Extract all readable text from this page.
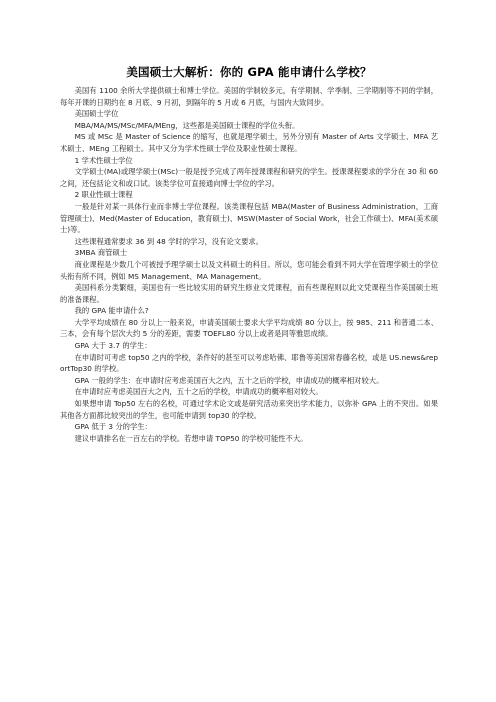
美国硕士大解析：你的 GPA 能申请什么学校？

美国有 1100 余所大学提供硕士和博士学位。美国的学制较多元，有学期制、学季制、三学期制等不同的学制，每年开课的日期约在 8 月底、9 月初，到隔年的 5 月或 6 月底，与国内大致同步。

美国硕士学位

MBA/MA/MS/MSc/MFA/MEng，这些都是美国硕士课程的学位头衔。

MS 或 MSc 是 Master of Science 的缩写，也就是理学硕士，另外分别有 Master of Arts 文学硕士、MFA 艺术硕士、MEng 工程硕士。其中又分为学术性硕士学位及职业性硕士课程。

1 学术性硕士学位

文学硕士(MA)或理学硕士(MSc)一般是授予完成了两年授课课程和研究的学生。授课课程要求的学分在 30 和 60 之间，还包括论文和或口试。该类学位可直接通向博士学位的学习。

2 职业性硕士课程

一般是针对某一具体行业而非博士学位课程。该类课程包括 MBA(Master of Business Administration，工商管理硕士)、Med(Master of Education，教育硕士)、MSW(Master of Social Work，社会工作硕士)、MFA(美术硕士)等。

这些课程通常要求 36 到 48 学时的学习，没有论文要求。

3MBA 商管硕士

商业课程是少数几个可被授予理学硕士以及文科硕士的科目。所以，您可能会看到不同大学在管理学硕士的学位头衔有所不同，例如 MS Management、MA Management。

美国科系分类繁细，美国也有一些比较实用的研究生修业文凭课程，而有些课程则以此文凭课程当作美国硕士班的准备课程。

我的 GPA 能申请什么?

大学平均成绩在 80 分以上一般来说，申请美国硕士要求大学平均成绩 80 分以上，按 985、211 和普通二本、三本，会有每个层次大约 5 分的差距，需要 TOEFL80 分以上或者是同等雅思成绩。

GPA 大于 3.7 的学生：

在申请时可考虑 top50 之内的学校，条件好的甚至可以考虑哈佛、耶鲁等美国常春藤名校，或是 US.news&reportTop30 的学校。

GPA 一般的学生：在申请时应考虑美国百大之内，五十之后的学校，申请成功的概率相对较大。

在申请时应考虑美国百大之内，五十之后的学校，申请成功的概率相对较大。

如果想申请 Top50 左右的名校，可通过学术论文或是研究活动来突出学术能力，以弥补 GPA 上的不突出。如果其他各方面都比较突出的学生，也可能申请到 top30 的学校。

GPA 低于 3 分的学生：

建议申请排名在一百左右的学校。若想申请 TOP50 的学校可能性不大。
